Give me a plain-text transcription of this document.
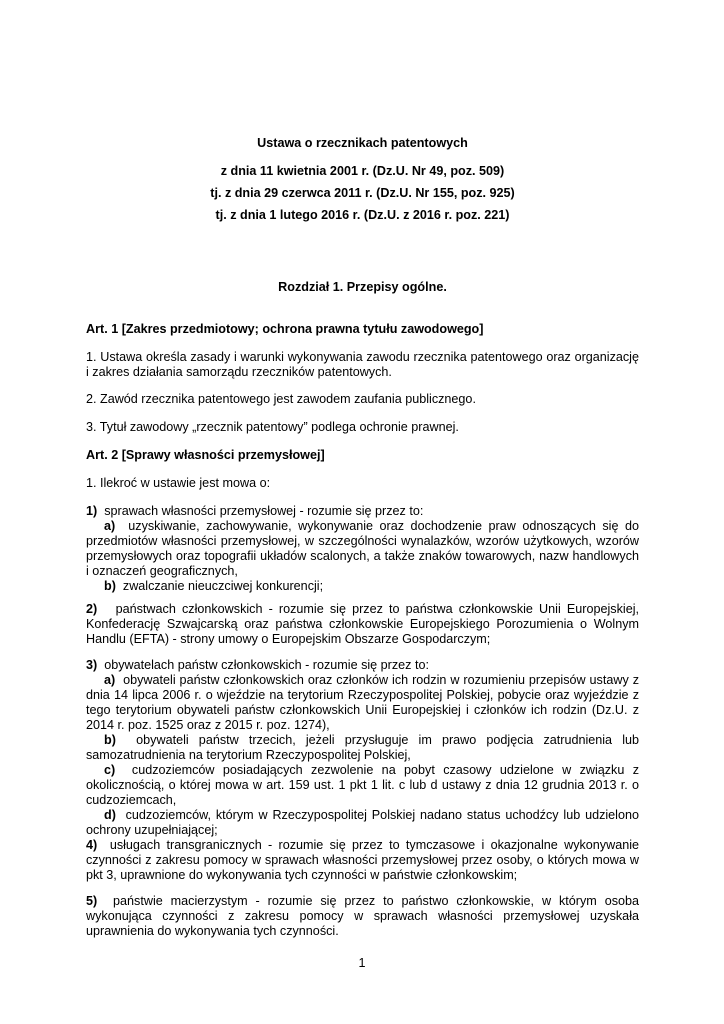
Ustawa o rzecznikach patentowych
z dnia 11 kwietnia 2001 r. (Dz.U. Nr 49, poz. 509)
tj. z dnia 29 czerwca 2011 r. (Dz.U. Nr 155, poz. 925)
tj. z dnia 1 lutego 2016 r. (Dz.U. z 2016 r. poz. 221)
Rozdział 1. Przepisy ogólne.
Art. 1 [Zakres przedmiotowy; ochrona prawna tytułu zawodowego]
1. Ustawa określa zasady i warunki wykonywania zawodu rzecznika patentowego oraz organizację i zakres działania samorządu rzeczników patentowych.
2. Zawód rzecznika patentowego jest zawodem zaufania publicznego.
3. Tytuł zawodowy „rzecznik patentowy” podlega ochronie prawnej.
Art. 2 [Sprawy własności przemysłowej]
1. Ilekroć w ustawie jest mowa o:
1) sprawach własności przemysłowej - rozumie się przez to:
a) uzyskiwanie, zachowywanie, wykonywanie oraz dochodzenie praw odnoszących się do przedmiotów własności przemysłowej, w szczególności wynalazków, wzorów użytkowych, wzorów przemysłowych oraz topografii układów scalonych, a także znaków towarowych, nazw handlowych i oznaczeń geograficznych,
b) zwalczanie nieuczciwej konkurencji;
2) państwach członkowskich - rozumie się przez to państwa członkowskie Unii Europejskiej, Konfederację Szwajcarską oraz państwa członkowskie Europejskiego Porozumienia o Wolnym Handlu (EFTA) - strony umowy o Europejskim Obszarze Gospodarczym;
3) obywatelach państw członkowskich - rozumie się przez to:
a) obywateli państw członkowskich oraz członków ich rodzin w rozumieniu przepisów ustawy z dnia 14 lipca 2006 r. o wjeździe na terytorium Rzeczypospolitej Polskiej, pobycie oraz wyjeździe z tego terytorium obywateli państw członkowskich Unii Europejskiej i członków ich rodzin (Dz.U. z 2014 r. poz. 1525 oraz z 2015 r. poz. 1274),
b) obywateli państw trzecich, jeżeli przysługuje im prawo podjęcia zatrudnienia lub samozatrudnienia na terytorium Rzeczypospolitej Polskiej,
c) cudzoziemców posiadających zezwolenie na pobyt czasowy udzielone w związku z okolicznością, o której mowa w art. 159 ust. 1 pkt 1 lit. c lub d ustawy z dnia 12 grudnia 2013 r. o cudzoziemcach,
d) cudzoziemców, którym w Rzeczypospolitej Polskiej nadano status uchodźcy lub udzielono ochrony uzupełniającej;
4) usługach transgranicznych - rozumie się przez to tymczasowe i okazjonalne wykonywanie czynności z zakresu pomocy w sprawach własności przemysłowej przez osoby, o których mowa w pkt 3, uprawnione do wykonywania tych czynności w państwie członkowskim;
5) państwie macierzystym - rozumie się przez to państwo członkowskie, w którym osoba wykonująca czynności z zakresu pomocy w sprawach własności przemysłowej uzyskała uprawnienia do wykonywania tych czynności.
1
